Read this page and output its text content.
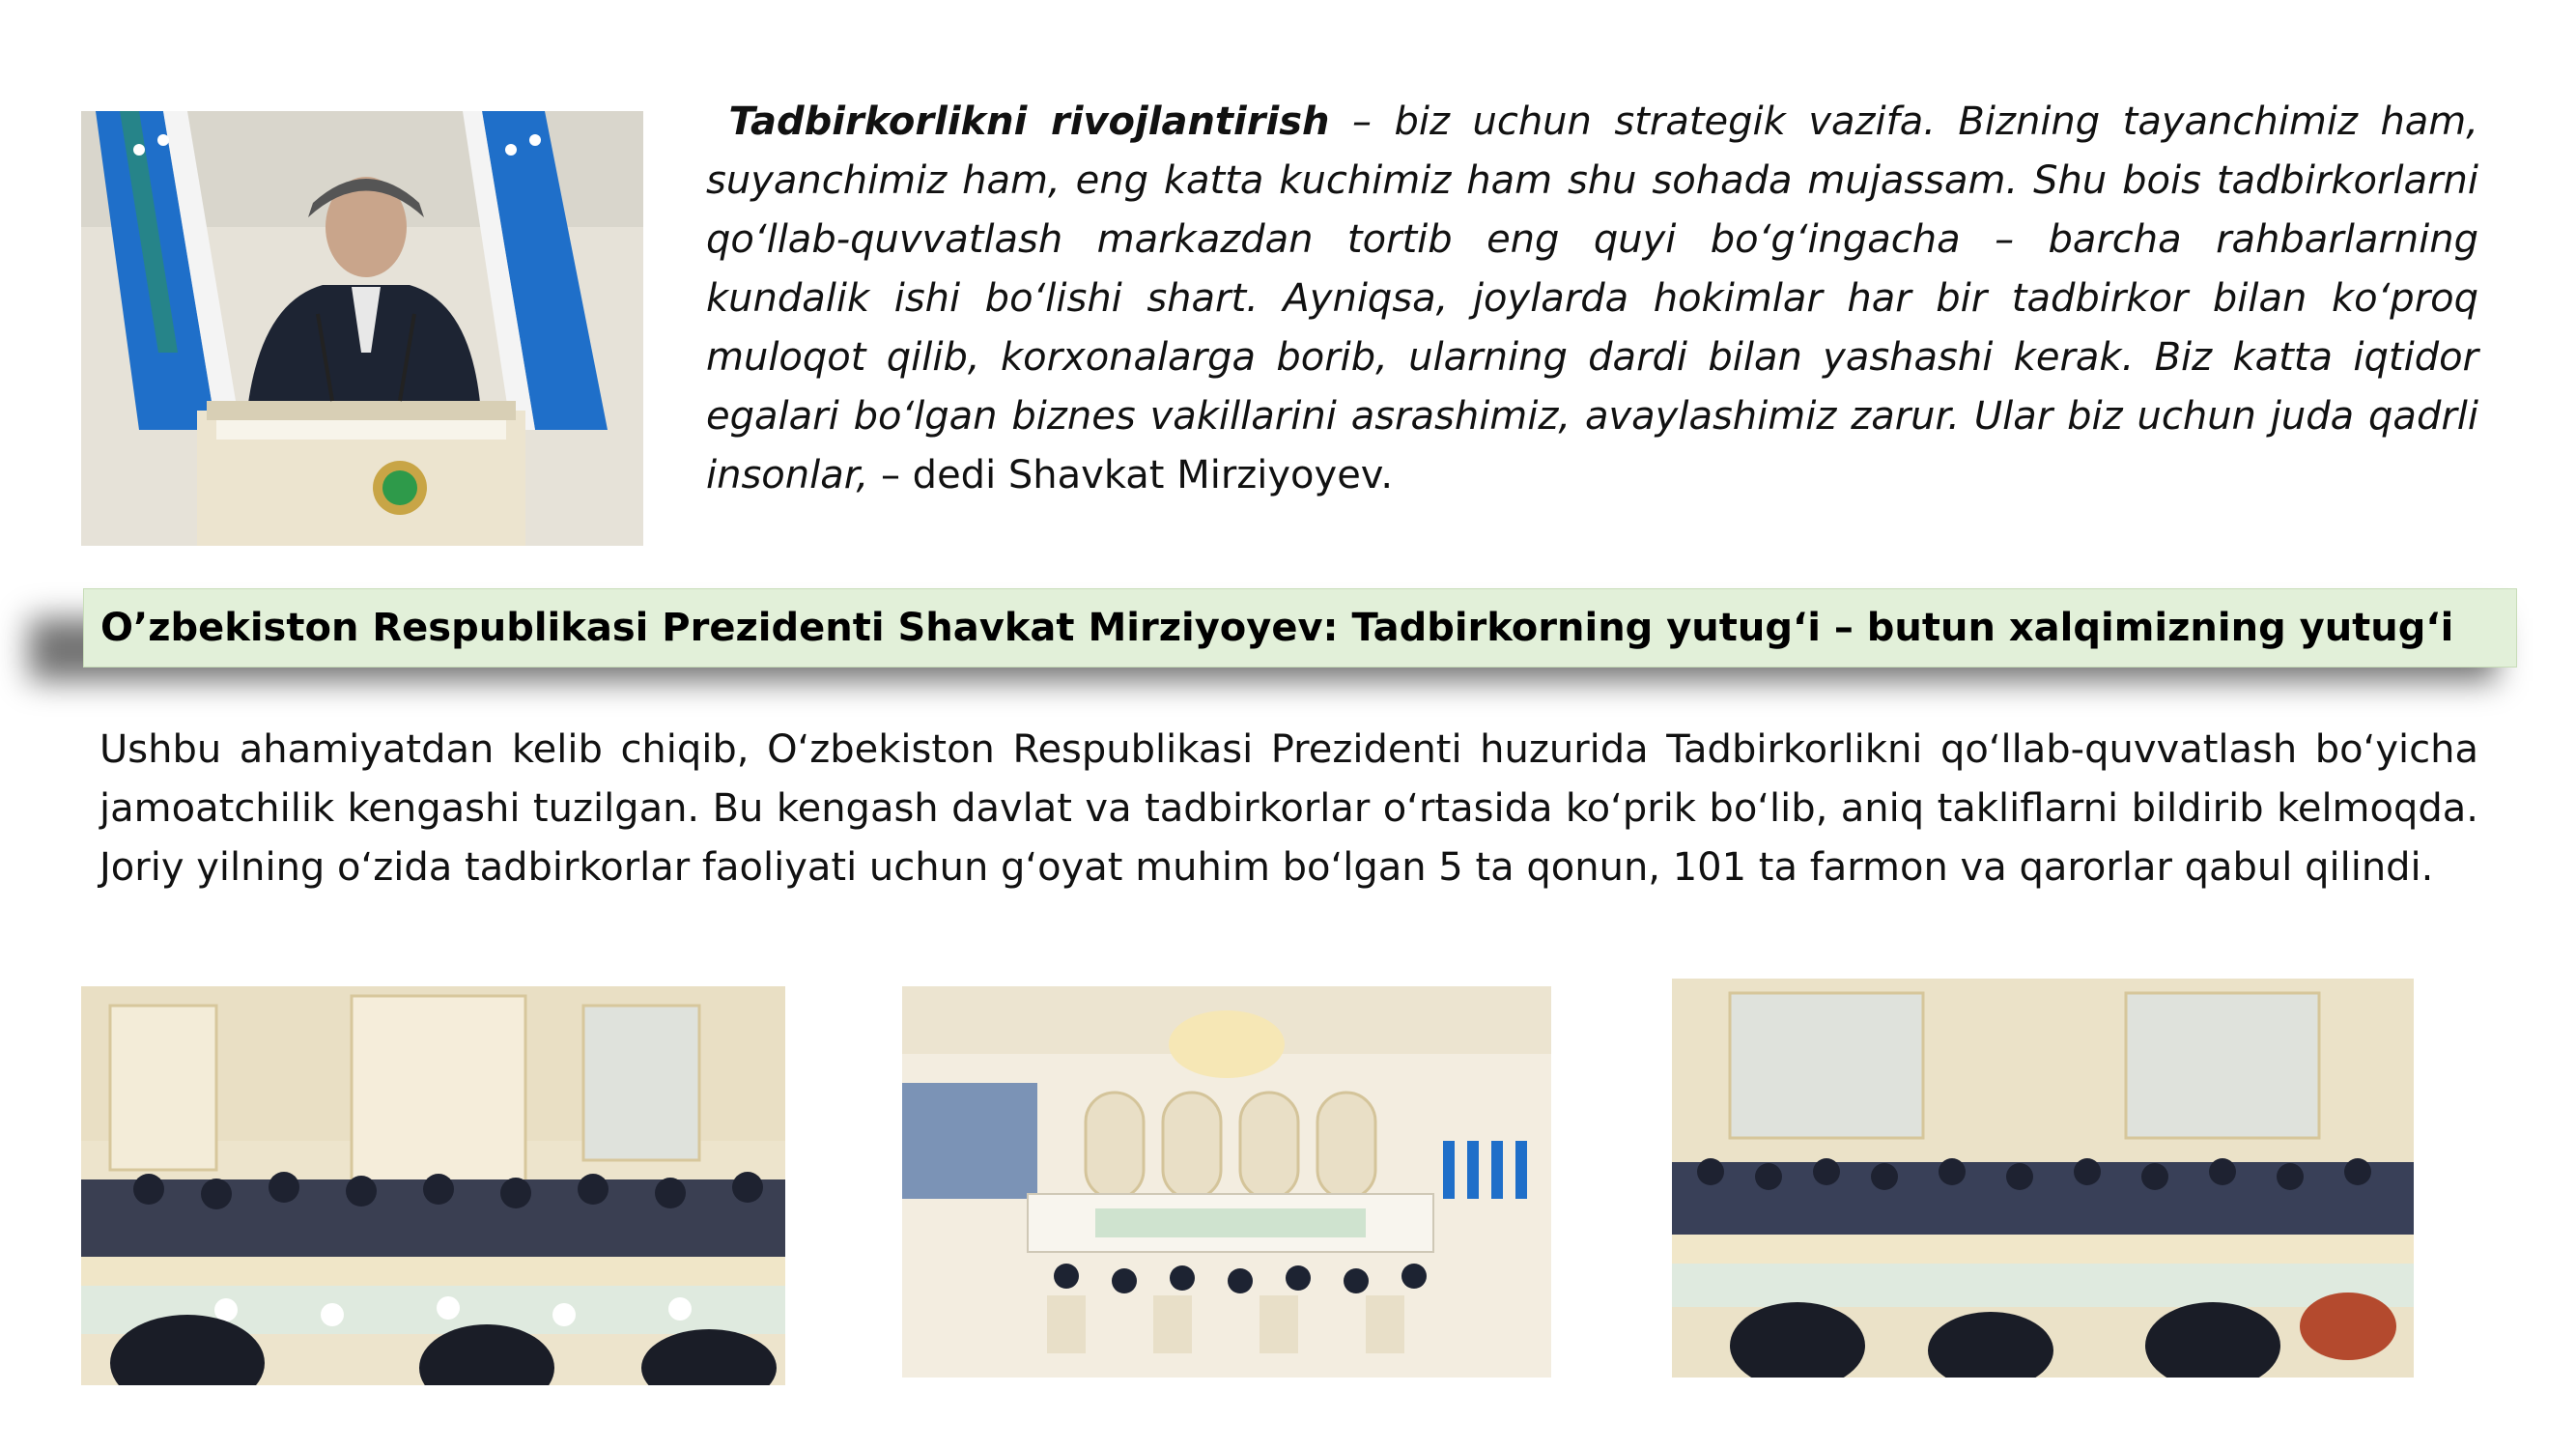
Tadbirkorlikni rivojlantirish – biz uchun strategik vazifa. Bizning tayanchimiz ham, suyanchimiz ham, eng katta kuchimiz ham shu sohada mujassam. Shu bois tadbirkorlarni qo‘llab-quvvatlash markazdan tortib eng quyi bo‘g‘ingacha – barcha rahbarlarning kundalik ishi bo‘lishi shart. Ayniqsa, joylarda hokimlar har bir tadbirkor bilan ko‘proq muloqot qilib, korxonalarga borib, ularning dardi bilan yashashi kerak. Biz katta iqtidor egalari bo‘lgan biznes vakillarini asrashimiz, avaylashimiz zarur. Ular biz uchun juda qadrli insonlar, – dedi Shavkat Mirziyoyev.

O’zbekiston Respublikasi Prezidenti Shavkat Mirziyoyev: Tadbirkorning yutug‘i – butun xalqimizning yutug‘i

Ushbu ahamiyatdan kelib chiqib, O‘zbekiston Respublikasi Prezidenti huzurida Tadbirkorlikni qo‘llab-quvvatlash bo‘yicha jamoatchilik kengashi tuzilgan. Bu kengash davlat va tadbirkorlar o‘rtasida ko‘prik bo‘lib, aniq takliflarni bildirib kelmoqda. Joriy yilning o‘zida tadbirkorlar faoliyati uchun g‘oyat muhim bo‘lgan 5 ta qonun, 101 ta farmon va qarorlar qabul qilindi.
